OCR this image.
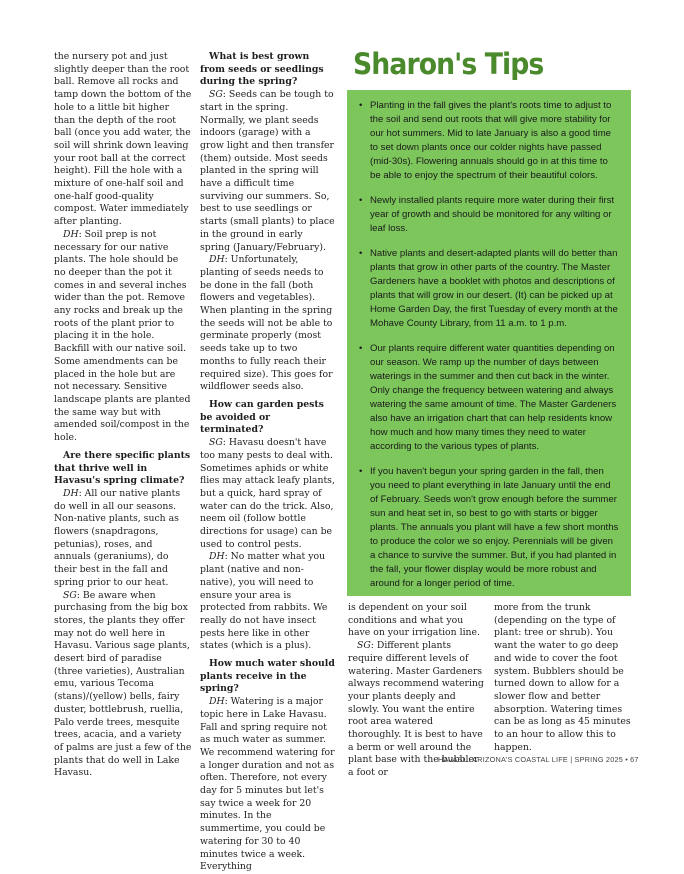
the nursery pot and just slightly deeper than the root ball. Remove all rocks and tamp down the bottom of the hole to a little bit higher than the depth of the root ball (once you add water, the soil will shrink down leaving your root ball at the correct height). Fill the hole with a mixture of one-half soil and one-half good-quality compost. Water immediately after planting.

DH: Soil prep is not necessary for our native plants. The hole should be no deeper than the pot it comes in and several inches wider than the pot. Remove any rocks and break up the roots of the plant prior to placing it in the hole. Backfill with our native soil. Some amendments can be placed in the hole but are not necessary. Sensitive landscape plants are planted the same way but with amended soil/compost in the hole.

Are there specific plants that thrive well in Havasu's spring climate?

DH: All our native plants do well in all our seasons. Non-native plants, such as flowers (snapdragons, petunias), roses, and annuals (geraniums), do their best in the fall and spring prior to our heat.

SG: Be aware when purchasing from the big box stores, the plants they offer may not do well here in Havasu. Various sage plants, desert bird of paradise (three varieties), Australian emu, various Tecoma (stans)/(yellow) bells, fairy duster, bottlebrush, ruellia, Palo verde trees, mesquite trees, acacia, and a variety of palms are just a few of the plants that do well in Lake Havasu.

What is best grown from seeds or seedlings during the spring?

SG: Seeds can be tough to start in the spring. Normally, we plant seeds indoors (garage) with a grow light and then transfer (them) outside. Most seeds planted in the spring will have a difficult time surviving our summers. So, best to use seedlings or starts (small plants) to place in the ground in early spring (January/February).

DH: Unfortunately, planting of seeds needs to be done in the fall (both flowers and vegetables). When planting in the spring the seeds will not be able to germinate properly (most seeds take up to two months to fully reach their required size). This goes for wildflower seeds also.

How can garden pests be avoided or terminated?

SG: Havasu doesn't have too many pests to deal with. Sometimes aphids or white flies may attack leafy plants, but a quick, hard spray of water can do the trick. Also, neem oil (follow bottle directions for usage) can be used to control pests.

DH: No matter what you plant (native and non-native), you will need to ensure your area is protected from rabbits. We really do not have insect pests here like in other states (which is a plus).

How much water should plants receive in the spring?

DH: Watering is a major topic here in Lake Havasu. Fall and spring require not as much water as summer. We recommend watering for a longer duration and not as often. Therefore, not every day for 5 minutes but let's say twice a week for 20 minutes. In the summertime, you could be watering for 30 to 40 minutes twice a week. Everything

Sharon's Tips
• Planting in the fall gives the plant's roots time to adjust to the soil and send out roots that will give more stability for our hot summers. Mid to late January is also a good time to set down plants once our colder nights have passed (mid-30s). Flowering annuals should go in at this time to be able to enjoy the spectrum of their beautiful colors.
• Newly installed plants require more water during their first year of growth and should be monitored for any wilting or leaf loss.
• Native plants and desert-adapted plants will do better than plants that grow in other parts of the country. The Master Gardeners have a booklet with photos and descriptions of plants that will grow in our desert. (It) can be picked up at Home Garden Day, the first Tuesday of every month at the Mohave County Library, from 11 a.m. to 1 p.m.
• Our plants require different water quantities depending on our season. We ramp up the number of days between waterings in the summer and then cut back in the winter. Only change the frequency between watering and always watering the same amount of time. The Master Gardeners also have an irrigation chart that can help residents know how much and how many times they need to water according to the various types of plants.
• If you haven't begun your spring garden in the fall, then you need to plant everything in late January until the end of February. Seeds won't grow enough before the summer sun and heat set in, so best to go with starts or bigger plants. The annuals you plant will have a few short months to produce the color we so enjoy. Perennials will be given a chance to survive the summer. But, if you had planted in the fall, your flower display would be more robust and around for a longer period of time.

is dependent on your soil conditions and what you have on your irrigation line.

SG: Different plants require different levels of watering. Master Gardeners always recommend watering your plants deeply and slowly. You want the entire root area watered thoroughly. It is best to have a berm or well around the plant base with the bubbler a foot or

more from the trunk (depending on the type of plant: tree or shrub). You want the water to go deep and wide to cover the foot system. Bubblers should be turned down to allow for a slower flow and better absorption. Watering times can be as long as 45 minutes to an hour to allow this to happen.

HAVASU: ARIZONA'S COASTAL LIFE | SPRING 2025 • 67
